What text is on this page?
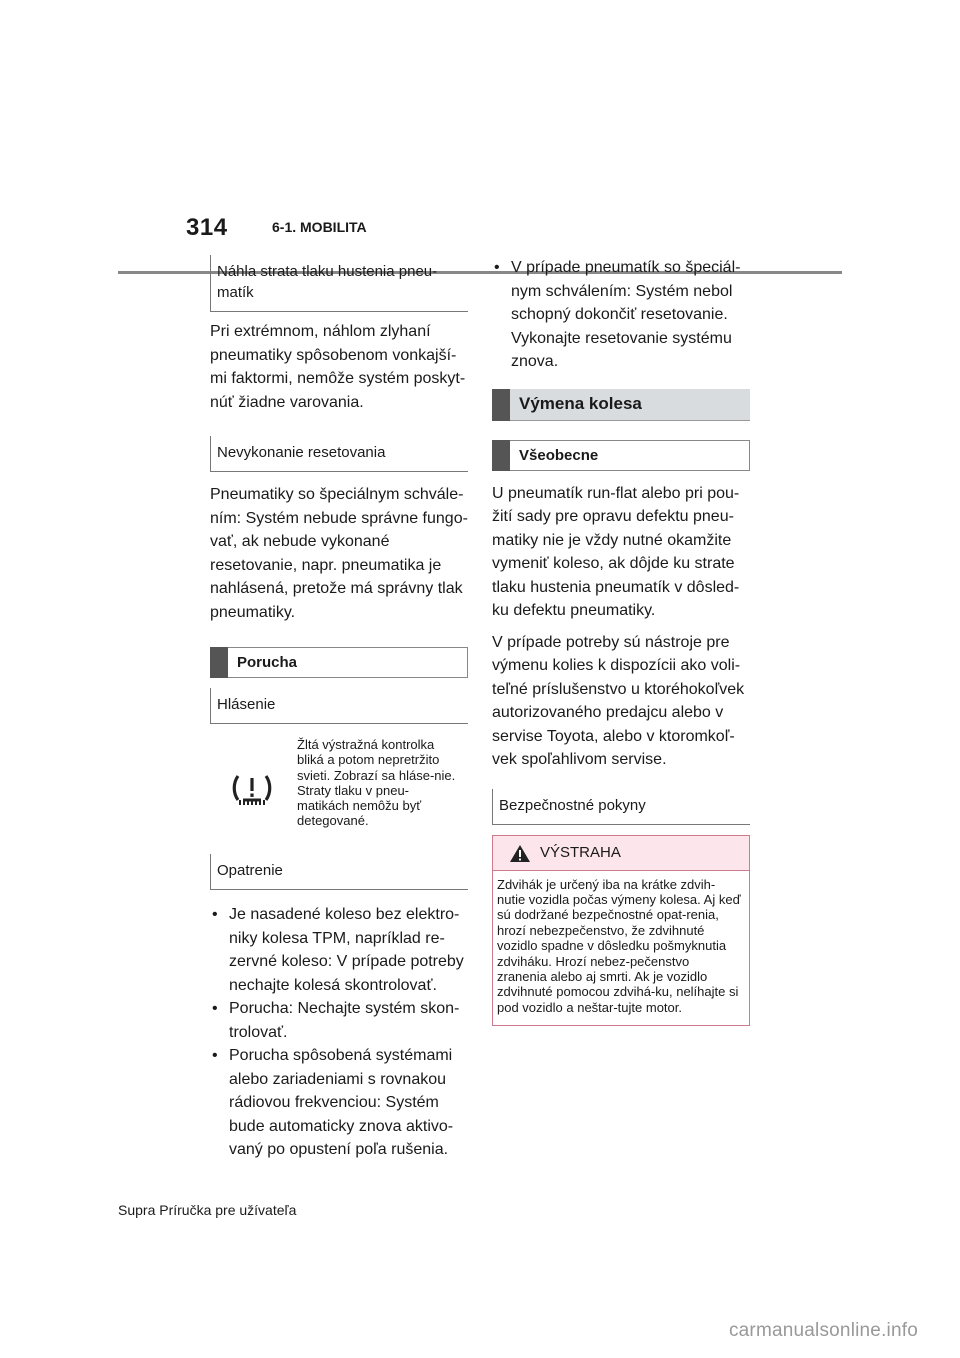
314	6-1. MOBILITA
Náhla strata tlaku hustenia pneu-
matík

Pri extrémnom, náhlom zlyhaní pneumatiky spôsobenom vonkajší-mi faktormi, nemôže systém poskyt-núť žiadne varovania.

Nevykonanie resetovania

Pneumatiky so špeciálnym schvále-ním: Systém nebude správne fungo-vať, ak nebude vykonané resetovanie, napr. pneumatika je nahlásená, pretože má správny tlak pneumatiky.

Porucha
Hlásenie
Žltá výstražná kontrolka bliká a potom nepretržito svieti. Zobrazí sa hláse-nie. Straty tlaku v pneu-matikách nemôžu byť detegované.
Opatrenie
• Je nasadené koleso bez elektro-niky kolesa TPM, napríklad re-zervné koleso: V prípade potreby nechajte kolesá skontrolovať.
• Porucha: Nechajte systém skon-trolovať.
• Porucha spôsobená systémami alebo zariadeniami s rovnakou rádiovou frekvenciou: Systém bude automaticky znova aktivo-vaný po opustení poľa rušenia.
• V prípade pneumatík so špeciál-nym schválením: Systém nebol schopný dokončiť resetovanie. Vykonajte resetovanie systému znova.
Výmena kolesa
Všeobecne

U pneumatík run-flat alebo pri pou-žití sady pre opravu defektu pneu-matiky nie je vždy nutné okamžite vymeniť koleso, ak dôjde ku strate tlaku hustenia pneumatík v dôsled-ku defektu pneumatiky.

V prípade potreby sú nástroje pre výmenu kolies k dispozícii ako voli-teľné príslušenstvo u ktoréhokoľvek autorizovaného predajcu alebo v servise Toyota, alebo v ktoromkoľ-vek spoľahlivom servise.

Bezpečnostné pokyny
VÝSTRAHA
Zdvihák je určený iba na krátke zdvih-nutie vozidla počas výmeny kolesa. Aj keď sú dodržané bezpečnostné opat-renia, hrozí nebezpečenstvo, že zdvihnuté vozidlo spadne v dôsledku pošmyknutia zdviháku. Hrozí nebez-pečenstvo zranenia alebo aj smrti. Ak je vozidlo zdvihnuté pomocou zdvihá-ku, nelíhajte si pod vozidlo a neštar-tujte motor.
Supra Príručka pre užívateľa
carmanualsonline.info
